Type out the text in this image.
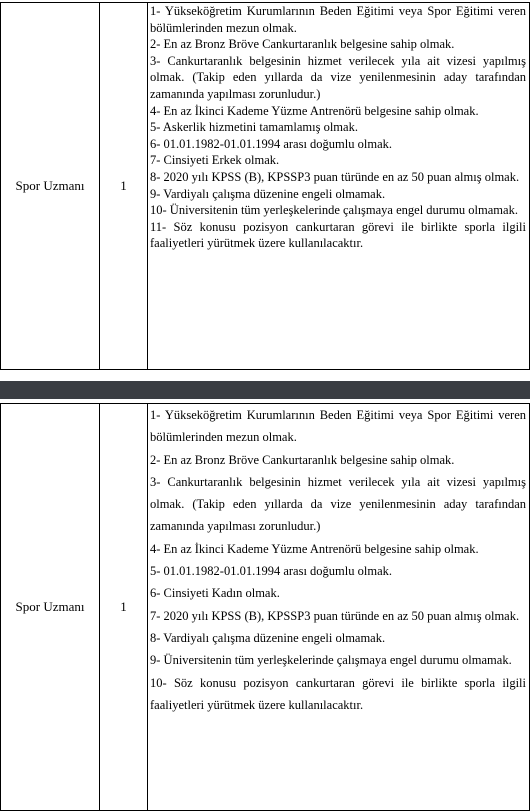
Spor Uzmanı	1	

1- Yükseköğretim Kurumlarının Beden Eğitimi veya Spor Eğitimi veren bölümlerinden mezun olmak.

2- En az Bronz Bröve Cankurtaranlık belgesine sahip olmak.

3- Cankurtaranlık belgesinin hizmet verilecek yıla ait vizesi yapılmış olmak. (Takip eden yıllarda da vize yenilenmesinin aday tarafından zamanında yapılması zorunludur.)

4- En az İkinci Kademe Yüzme Antrenörü belgesine sahip olmak.

5- Askerlik hizmetini tamamlamış olmak.

6- 01.01.1982-01.01.1994 arası doğumlu olmak.

7- Cinsiyeti Erkek olmak.

8- 2020 yılı KPSS (B), KPSSP3 puan türünde en az 50 puan almış olmak.

9- Vardiyalı çalışma düzenine engeli olmamak.

10- Üniversitenin tüm yerleşkelerinde çalışmaya engel durumu olmamak.

11- Söz konusu pozisyon cankurtaran görevi ile birlikte sporla ilgili faaliyetleri yürütmek üzere kullanılacaktır.

Spor Uzmanı	1	

1- Yükseköğretim Kurumlarının Beden Eğitimi veya Spor Eğitimi veren bölümlerinden mezun olmak.

2- En az Bronz Bröve Cankurtaranlık belgesine sahip olmak.

3- Cankurtaranlık belgesinin hizmet verilecek yıla ait vizesi yapılmış olmak. (Takip eden yıllarda da vize yenilenmesinin aday tarafından zamanında yapılması zorunludur.)

4- En az İkinci Kademe Yüzme Antrenörü belgesine sahip olmak.

5- 01.01.1982-01.01.1994 arası doğumlu olmak.

6- Cinsiyeti Kadın olmak.

7- 2020 yılı KPSS (B), KPSSP3 puan türünde en az 50 puan almış olmak.

8- Vardiyalı çalışma düzenine engeli olmamak.

9- Üniversitenin tüm yerleşkelerinde çalışmaya engel durumu olmamak.

10- Söz konusu pozisyon cankurtaran görevi ile birlikte sporla ilgili faaliyetleri yürütmek üzere kullanılacaktır.
